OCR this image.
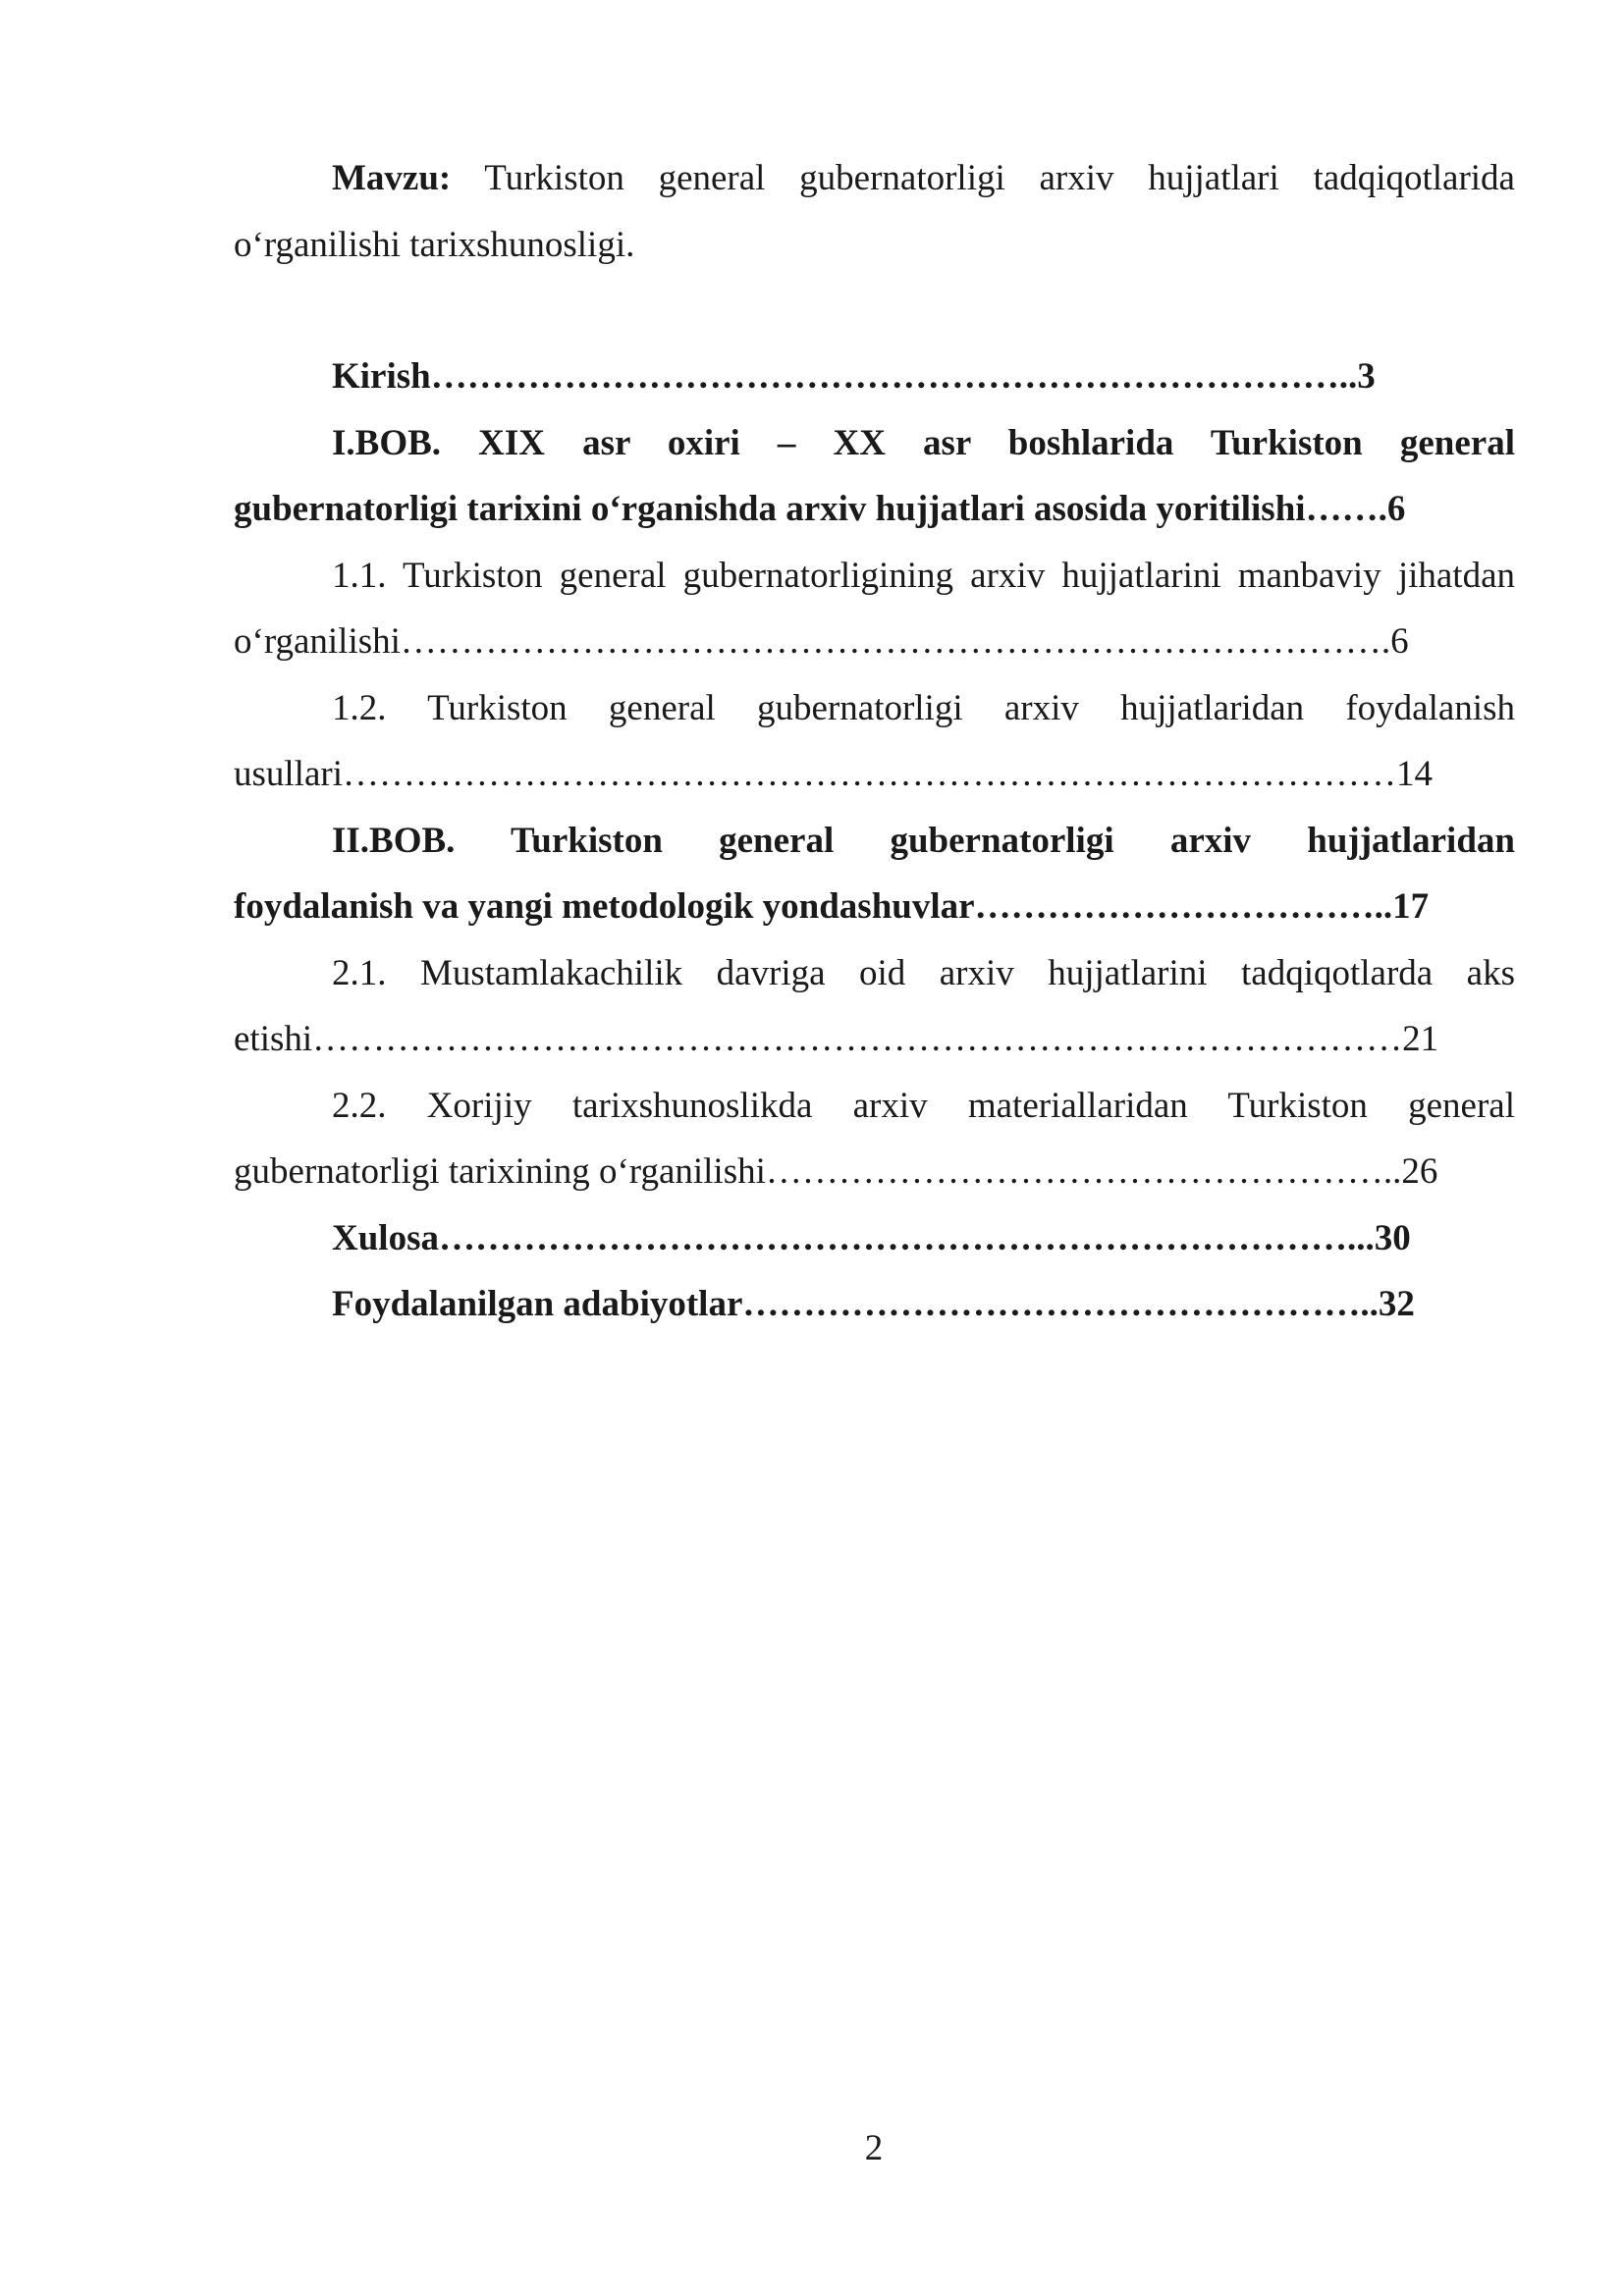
Mavzu: Turkiston general gubernatorligi arxiv hujjatlari tadqiqotlarida
o‘rganilishi tarixshunosligi.
Kirish…………………………………………………………………..3
I.BOB. XIX asr oxiri – XX asr boshlarida Turkiston general
gubernatorligi tarixini o‘rganishda arxiv hujjatlari asosida yoritilishi…….6
1.1. Turkiston general gubernatorligining arxiv hujjatlarini manbaviy jihatdan
o‘rganilishi……………………………………………………………………….6
1.2. Turkiston general gubernatorligi arxiv hujjatlaridan foydalanish
usullari……………………………………………………………………………14
II.BOB. Turkiston general gubernatorligi arxiv hujjatlaridan
foydalanish va yangi metodologik yondashuvlar……………………………..17
2.1. Mustamlakachilik davriga oid arxiv hujjatlarini tadqiqotlarda aks
etishi………………………………………………………………………………21
2.2. Xorijiy tarixshunoslikda arxiv materiallaridan Turkiston general
gubernatorligi tarixining o‘rganilishi……………………………………………..26
Xulosa…………………………………………………………………...30
Foydalanilgan adabiyotlar……………………………………………..32
2
